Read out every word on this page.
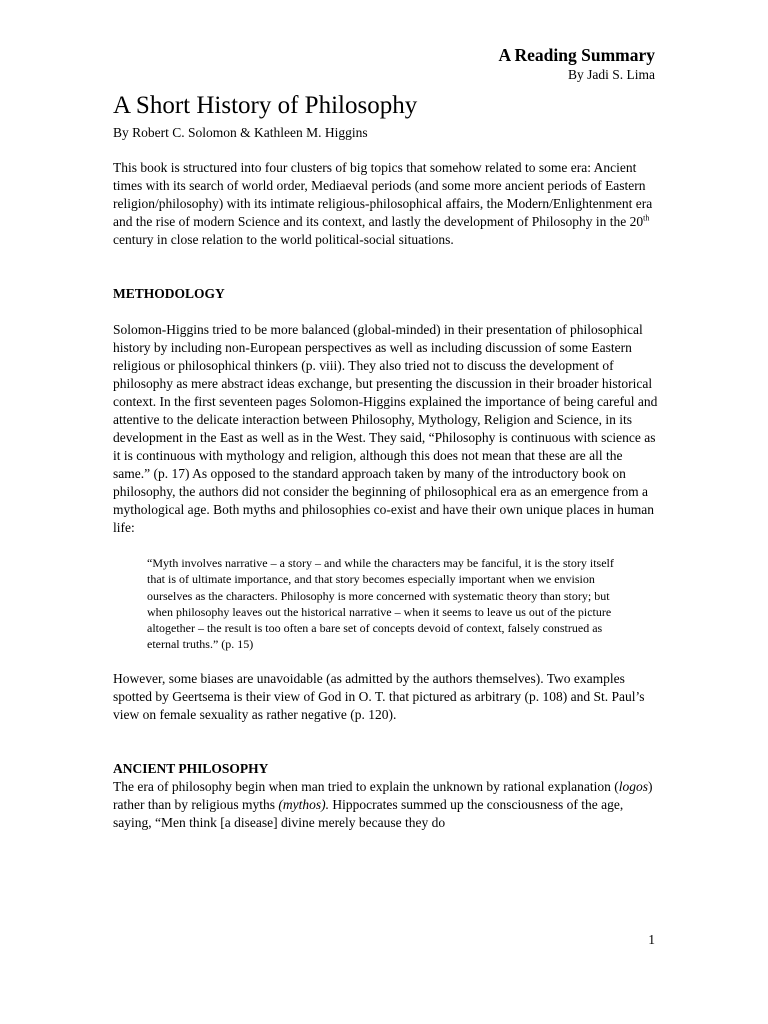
A Reading Summary
By Jadi S. Lima
A Short History of Philosophy

By Robert C. Solomon & Kathleen M. Higgins

This book is structured into four clusters of big topics that somehow related to some era: Ancient times with its search of world order, Mediaeval periods (and some more ancient periods of Eastern religion/philosophy) with its intimate religious-philosophical affairs, the Modern/Enlightenment era and the rise of modern Science and its context, and lastly the development of Philosophy in the 20th century in close relation to the world political-social situations.

METHODOLOGY

Solomon-Higgins tried to be more balanced (global-minded) in their presentation of philosophical history by including non-European perspectives as well as including discussion of some Eastern religious or philosophical thinkers (p. viii). They also tried not to discuss the development of philosophy as mere abstract ideas exchange, but presenting the discussion in their broader historical context. In the first seventeen pages Solomon-Higgins explained the importance of being careful and attentive to the delicate interaction between Philosophy, Mythology, Religion and Science, in its development in the East as well as in the West. They said, “Philosophy is continuous with science as it is continuous with mythology and religion, although this does not mean that these are all the same.” (p. 17) As opposed to the standard approach taken by many of the introductory book on philosophy, the authors did not consider the beginning of philosophical era as an emergence from a mythological age. Both myths and philosophies co-exist and have their own unique places in human life:

“Myth involves narrative – a story – and while the characters may be fanciful, it is the story itself that is of ultimate importance, and that story becomes especially important when we envision ourselves as the characters. Philosophy is more concerned with systematic theory than story; but when philosophy leaves out the historical narrative – when it seems to leave us out of the picture altogether – the result is too often a bare set of concepts devoid of context, falsely construed as eternal truths.” (p. 15)

However, some biases are unavoidable (as admitted by the authors themselves). Two examples spotted by Geertsema is their view of God in O. T. that pictured as arbitrary (p. 108) and St. Paul’s view on female sexuality as rather negative (p. 120).

ANCIENT PHILOSOPHY

The era of philosophy begin when man tried to explain the unknown by rational explanation (logos) rather than by religious myths (mythos). Hippocrates summed up the consciousness of the age, saying, “Men think [a disease] divine merely because they do

1
